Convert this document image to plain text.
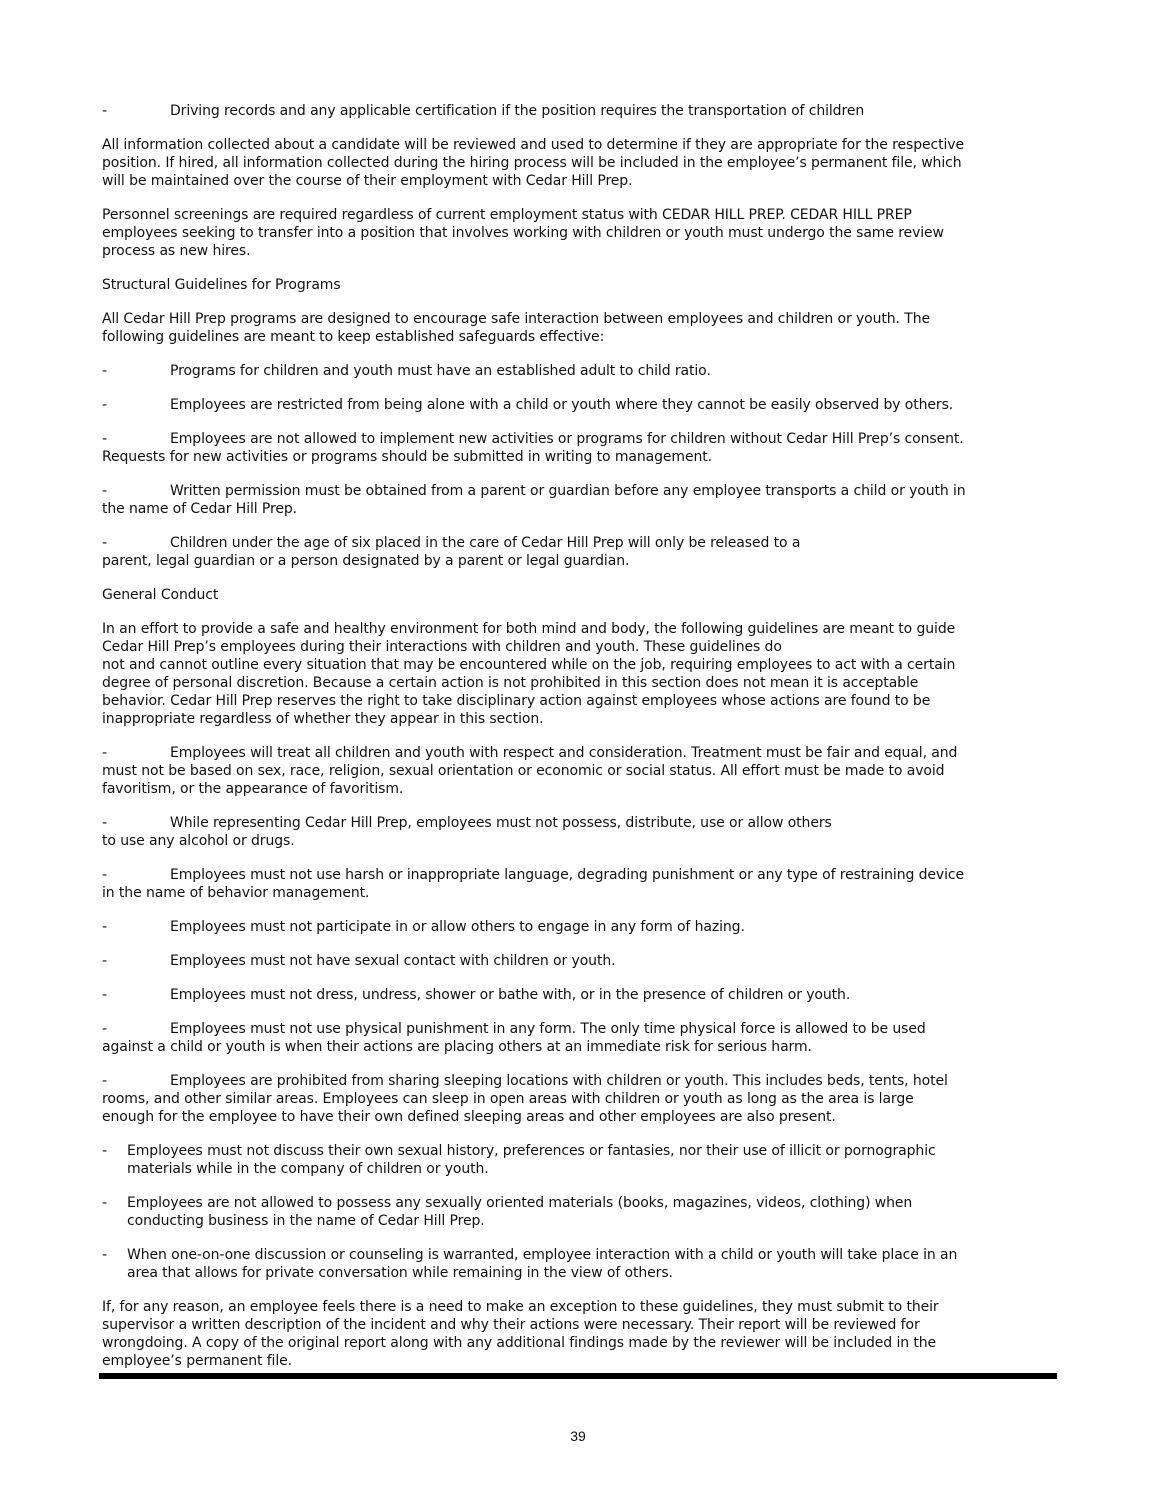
-	Driving records and any applicable certification if the position requires the transportation of children
All information collected about a candidate will be reviewed and used to determine if they are appropriate for the respective
position. If hired, all information collected during the hiring process will be included in the employee’s permanent file, which
will be maintained over the course of their employment with Cedar Hill Prep.
Personnel screenings are required regardless of current employment status with CEDAR HILL PREP. CEDAR HILL PREP
employees seeking to transfer into a position that involves working with children or youth must undergo the same review
process as new hires.
Structural Guidelines for Programs
All Cedar Hill Prep programs are designed to encourage safe interaction between employees and children or youth. The
following guidelines are meant to keep established safeguards effective:
-	Programs for children and youth must have an established adult to child ratio.
-	Employees are restricted from being alone with a child or youth where they cannot be easily observed by others.
-	Employees are not allowed to implement new activities or programs for children without Cedar Hill Prep’s consent.
Requests for new activities or programs should be submitted in writing to management.
-	Written permission must be obtained from a parent or guardian before any employee transports a child or youth in
the name of Cedar Hill Prep.
-	Children under the age of six placed in the care of Cedar Hill Prep will only be released to a
parent, legal guardian or a person designated by a parent or legal guardian.
General Conduct
In an effort to provide a safe and healthy environment for both mind and body, the following guidelines are meant to guide
Cedar Hill Prep’s employees during their interactions with children and youth. These guidelines do
not and cannot outline every situation that may be encountered while on the job, requiring employees to act with a certain
degree of personal discretion. Because a certain action is not prohibited in this section does not mean it is acceptable
behavior. Cedar Hill Prep reserves the right to take disciplinary action against employees whose actions are found to be
inappropriate regardless of whether they appear in this section.
-	Employees will treat all children and youth with respect and consideration. Treatment must be fair and equal, and
must not be based on sex, race, religion, sexual orientation or economic or social status. All effort must be made to avoid
favoritism, or the appearance of favoritism.
-	While representing Cedar Hill Prep, employees must not possess, distribute, use or allow others
to use any alcohol or drugs.
-	Employees must not use harsh or inappropriate language, degrading punishment or any type of restraining device
in the name of behavior management.
-	Employees must not participate in or allow others to engage in any form of hazing.
-	Employees must not have sexual contact with children or youth.
-	Employees must not dress, undress, shower or bathe with, or in the presence of children or youth.
-	Employees must not use physical punishment in any form. The only time physical force is allowed to be used
against a child or youth is when their actions are placing others at an immediate risk for serious harm.
-	Employees are prohibited from sharing sleeping locations with children or youth. This includes beds, tents, hotel
rooms, and other similar areas. Employees can sleep in open areas with children or youth as long as the area is large
enough for the employee to have their own defined sleeping areas and other employees are also present.
- Employees must not discuss their own sexual history, preferences or fantasies, nor their use of illicit or pornographic
materials while in the company of children or youth.
- Employees are not allowed to possess any sexually oriented materials (books, magazines, videos, clothing) when
conducting business in the name of Cedar Hill Prep.
- When one-on-one discussion or counseling is warranted, employee interaction with a child or youth will take place in an
area that allows for private conversation while remaining in the view of others.
If, for any reason, an employee feels there is a need to make an exception to these guidelines, they must submit to their
supervisor a written description of the incident and why their actions were necessary. Their report will be reviewed for
wrongdoing. A copy of the original report along with any additional findings made by the reviewer will be included in the
employee’s permanent file.
39
